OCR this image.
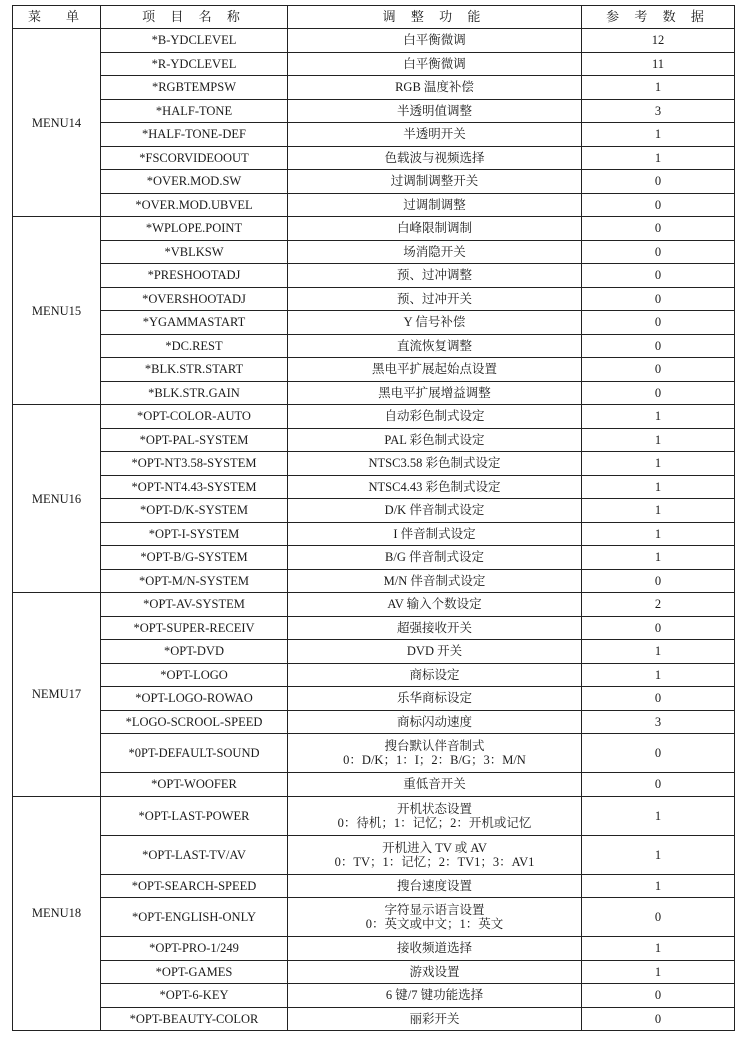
菜　单	项 目 名 称	调 整 功 能	参 考 数 据
MENU14	*B-YDCLEVEL	白平衡微调	12
	*R-YDCLEVEL	白平衡微调	11
	*RGBTEMPSW	RGB 温度补偿	1
	*HALF-TONE	半透明值调整	3
	*HALF-TONE-DEF	半透明开关	1
	*FSCORVIDEOOUT	色载波与视频选择	1
	*OVER.MOD.SW	过调制调整开关	0
	*OVER.MOD.UBVEL	过调制调整	0
MENU15	*WPLOPE.POINT	白峰限制调制	0
	*VBLKSW	场消隐开关	0
	*PRESHOOTADJ	预、过冲调整	0
	*OVERSHOOTADJ	预、过冲开关	0
	*YGAMMASTART	Y 信号补偿	0
	*DC.REST	直流恢复调整	0
	*BLK.STR.START	黑电平扩展起始点设置	0
	*BLK.STR.GAIN	黑电平扩展增益调整	0
MENU16	*OPT-COLOR-AUTO	自动彩色制式设定	1
	*OPT-PAL-SYSTEM	PAL 彩色制式设定	1
	*OPT-NT3.58-SYSTEM	NTSC3.58 彩色制式设定	1
	*OPT-NT4.43-SYSTEM	NTSC4.43 彩色制式设定	1
	*OPT-D/K-SYSTEM	D/K 伴音制式设定	1
	*OPT-I-SYSTEM	I 伴音制式设定	1
	*OPT-B/G-SYSTEM	B/G 伴音制式设定	1
	*OPT-M/N-SYSTEM	M/N 伴音制式设定	0
NEMU17	*OPT-AV-SYSTEM	AV 输入个数设定	2
	*OPT-SUPER-RECEIV	超强接收开关	0
	*OPT-DVD	DVD 开关	1
	*OPT-LOGO	商标设定	1
	*OPT-LOGO-ROWAO	乐华商标设定	0
	*LOGO-SCROOL-SPEED	商标闪动速度	3
	*0PT-DEFAULT-SOUND	搜台默认伴音制式
0：D/K；1：I；2：B/G；3：M/N	0
	*OPT-WOOFER	重低音开关	0
MENU18	*OPT-LAST-POWER	开机状态设置
0：待机；1：记忆；2：开机或记忆	1
	*OPT-LAST-TV/AV	开机进入 TV 或 AV
0：TV；1：记忆；2：TV1；3：AV1	1
	*OPT-SEARCH-SPEED	搜台速度设置	1
	*OPT-ENGLISH-ONLY	字符显示语言设置
0：英文或中文；1：英文	0
	*OPT-PRO-1/249	接收频道选择	1
	*OPT-GAMES	游戏设置	1
	*OPT-6-KEY	6 键/7 键功能选择	0
	*OPT-BEAUTY-COLOR	丽彩开关	0
